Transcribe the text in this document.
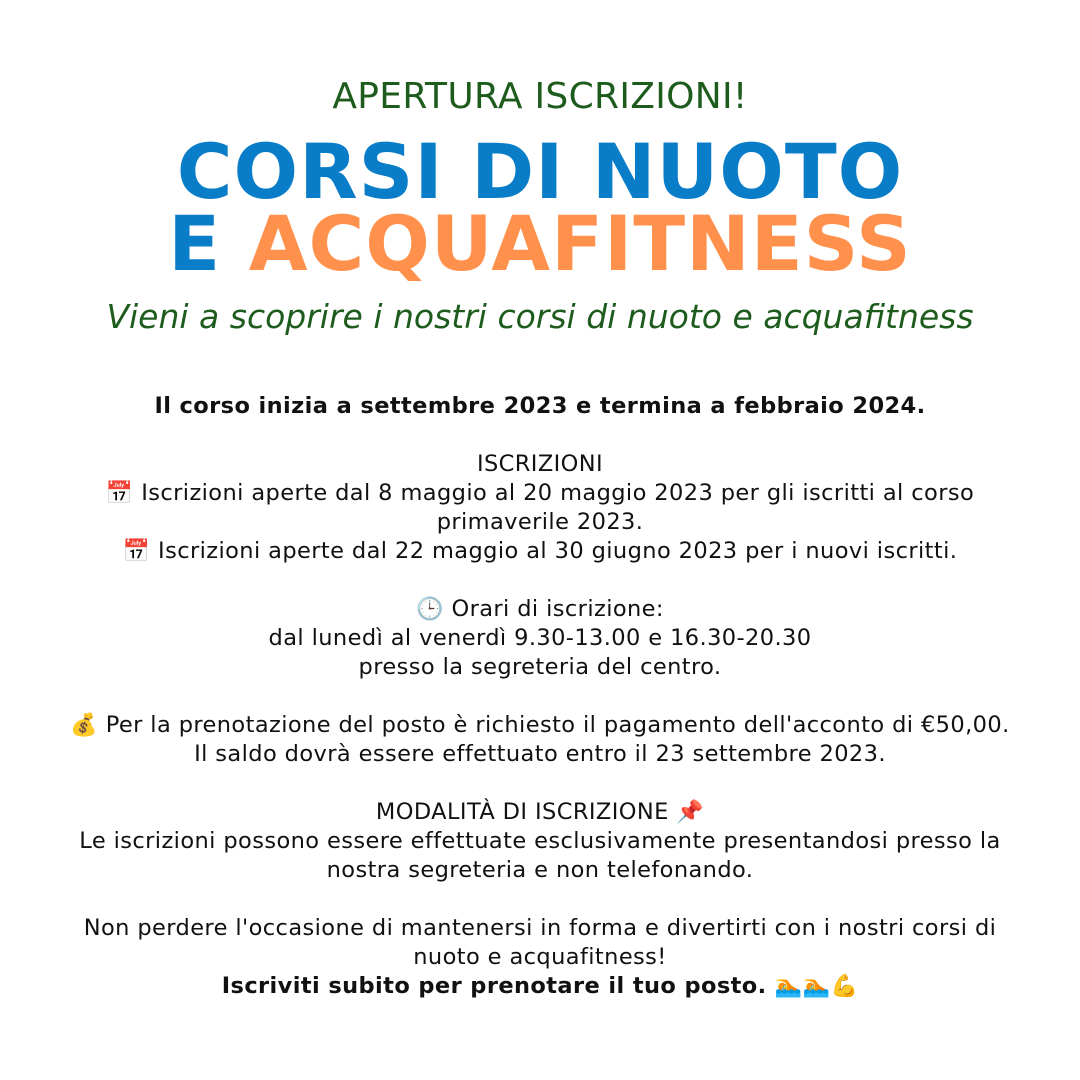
APERTURA ISCRIZIONI!
CORSI DI NUOTO
E ACQUAFITNESS
Vieni a scoprire i nostri corsi di nuoto e acquafitness

Il corso inizia a settembre 2023 e termina a febbraio 2024.

ISCRIZIONI

📅 Iscrizioni aperte dal 8 maggio al 20 maggio 2023 per gli iscritti al corso primaverile 2023.

📅 Iscrizioni aperte dal 22 maggio al 30 giugno 2023 per i nuovi iscritti.

🕒 Orari di iscrizione:

dal lunedì al venerdì 9.30-13.00 e 16.30-20.30

presso la segreteria del centro.

💰 Per la prenotazione del posto è richiesto il pagamento dell'acconto di €50,00. Il saldo dovrà essere effettuato entro il 23 settembre 2023.

MODALITÀ DI ISCRIZIONE 📌

Le iscrizioni possono essere effettuate esclusivamente presentandosi presso la nostra segreteria e non telefonando.

Non perdere l'occasione di mantenersi in forma e divertirti con i nostri corsi di nuoto e acquafitness!

Iscriviti subito per prenotare il tuo posto. 🏊🏊💪
